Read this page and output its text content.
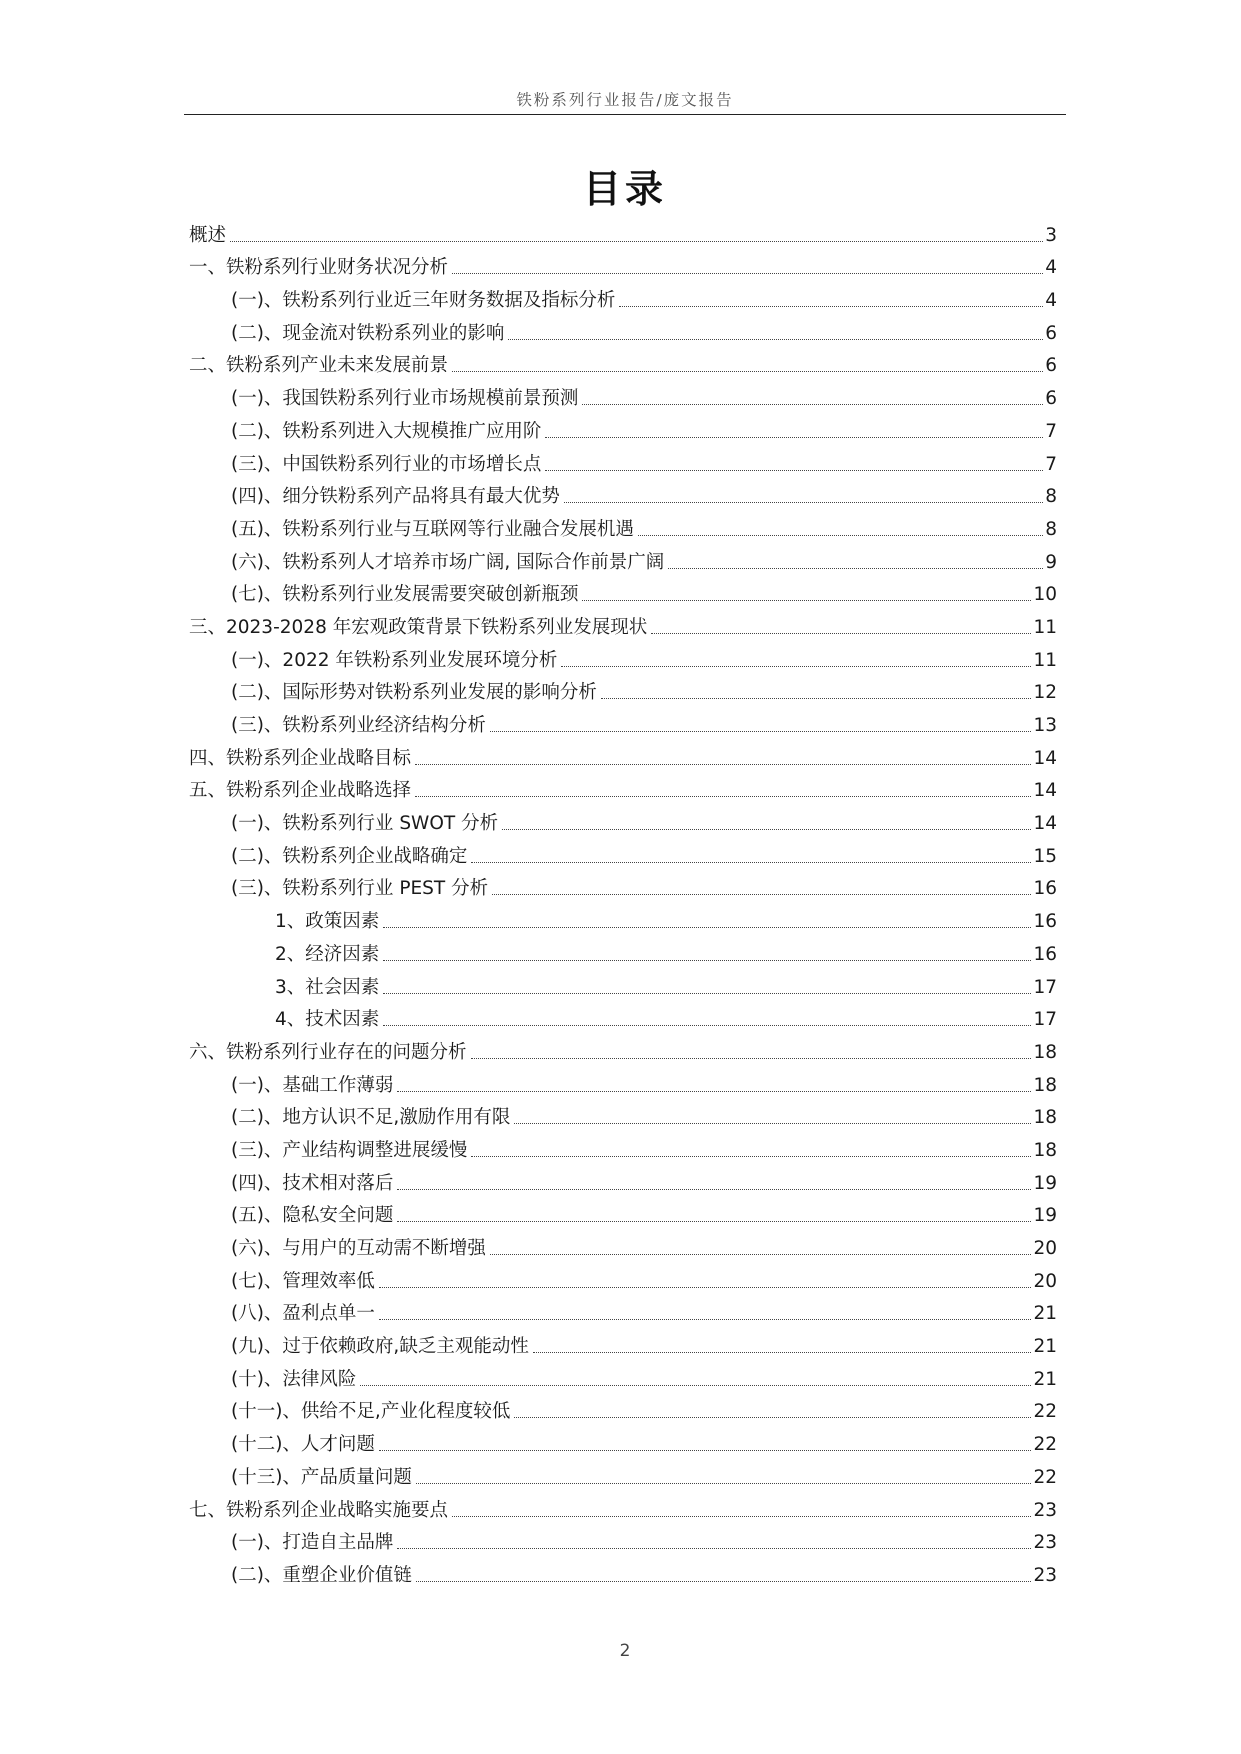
铁粉系列行业报告/庞文报告
目录
概述	3
一、铁粉系列行业财务状况分析	4
(一)、铁粉系列行业近三年财务数据及指标分析	4
(二)、现金流对铁粉系列业的影响	6
二、铁粉系列产业未来发展前景	6
(一)、我国铁粉系列行业市场规模前景预测	6
(二)、铁粉系列进入大规模推广应用阶	7
(三)、中国铁粉系列行业的市场增长点	7
(四)、细分铁粉系列产品将具有最大优势	8
(五)、铁粉系列行业与互联网等行业融合发展机遇	8
(六)、铁粉系列人才培养市场广阔, 国际合作前景广阔	9
(七)、铁粉系列行业发展需要突破创新瓶颈	10
三、2023-2028 年宏观政策背景下铁粉系列业发展现状	11
(一)、2022 年铁粉系列业发展环境分析	11
(二)、国际形势对铁粉系列业发展的影响分析	12
(三)、铁粉系列业经济结构分析	13
四、铁粉系列企业战略目标	14
五、铁粉系列企业战略选择	14
(一)、铁粉系列行业 SWOT 分析	14
(二)、铁粉系列企业战略确定	15
(三)、铁粉系列行业 PEST 分析	16
1、政策因素	16
2、经济因素	16
3、社会因素	17
4、技术因素	17
六、铁粉系列行业存在的问题分析	18
(一)、基础工作薄弱	18
(二)、地方认识不足,激励作用有限	18
(三)、产业结构调整进展缓慢	18
(四)、技术相对落后	19
(五)、隐私安全问题	19
(六)、与用户的互动需不断增强	20
(七)、管理效率低	20
(八)、盈利点单一	21
(九)、过于依赖政府,缺乏主观能动性	21
(十)、法律风险	21
(十一)、供给不足,产业化程度较低	22
(十二)、人才问题	22
(十三)、产品质量问题	22
七、铁粉系列企业战略实施要点	23
(一)、打造自主品牌	23
(二)、重塑企业价值链	23
2
